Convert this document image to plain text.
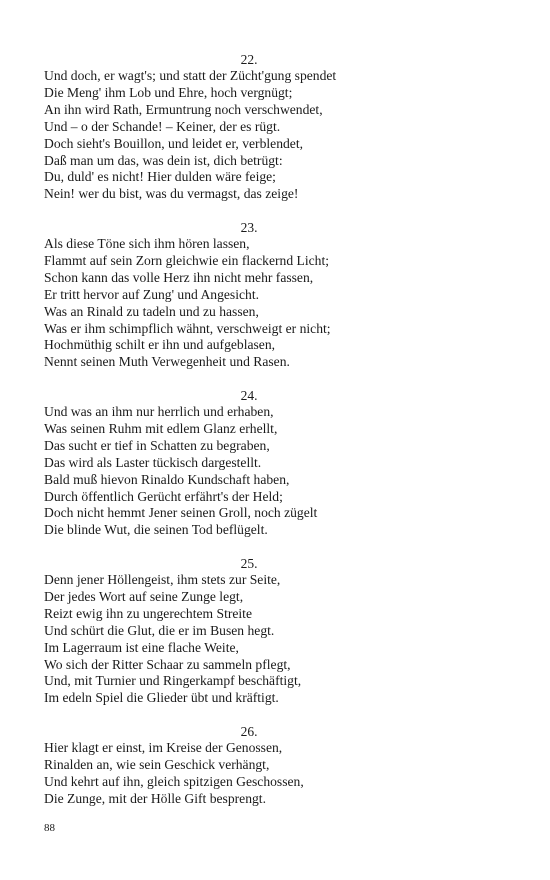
22.
Und doch, er wagt's; und statt der Zücht'gung spendet
Die Meng' ihm Lob und Ehre, hoch vergnügt;
An ihn wird Rath, Ermuntrung noch verschwendet,
Und – o der Schande! – Keiner, der es rügt.
Doch sieht's Bouillon, und leidet er, verblendet,
Daß man um das, was dein ist, dich betrügt:
Du, duld' es nicht! Hier dulden wäre feige;
Nein! wer du bist, was du vermagst, das zeige!
23.
Als diese Töne sich ihm hören lassen,
Flammt auf sein Zorn gleichwie ein flackernd Licht;
Schon kann das volle Herz ihn nicht mehr fassen,
Er tritt hervor auf Zung' und Angesicht.
Was an Rinald zu tadeln und zu hassen,
Was er ihm schimpflich wähnt, verschweigt er nicht;
Hochmüthig schilt er ihn und aufgeblasen,
Nennt seinen Muth Verwegenheit und Rasen.
24.
Und was an ihm nur herrlich und erhaben,
Was seinen Ruhm mit edlem Glanz erhellt,
Das sucht er tief in Schatten zu begraben,
Das wird als Laster tückisch dargestellt.
Bald muß hievon Rinaldo Kundschaft haben,
Durch öffentlich Gerücht erfährt's der Held;
Doch nicht hemmt Jener seinen Groll, noch zügelt
Die blinde Wut, die seinen Tod beflügelt.
25.
Denn jener Höllengeist, ihm stets zur Seite,
Der jedes Wort auf seine Zunge legt,
Reizt ewig ihn zu ungerechtem Streite
Und schürt die Glut, die er im Busen hegt.
Im Lagerraum ist eine flache Weite,
Wo sich der Ritter Schaar zu sammeln pflegt,
Und, mit Turnier und Ringerkampf beschäftigt,
Im edeln Spiel die Glieder übt und kräftigt.
26.
Hier klagt er einst, im Kreise der Genossen,
Rinalden an, wie sein Geschick verhängt,
Und kehrt auf ihn, gleich spitzigen Geschossen,
Die Zunge, mit der Hölle Gift besprengt.
88
